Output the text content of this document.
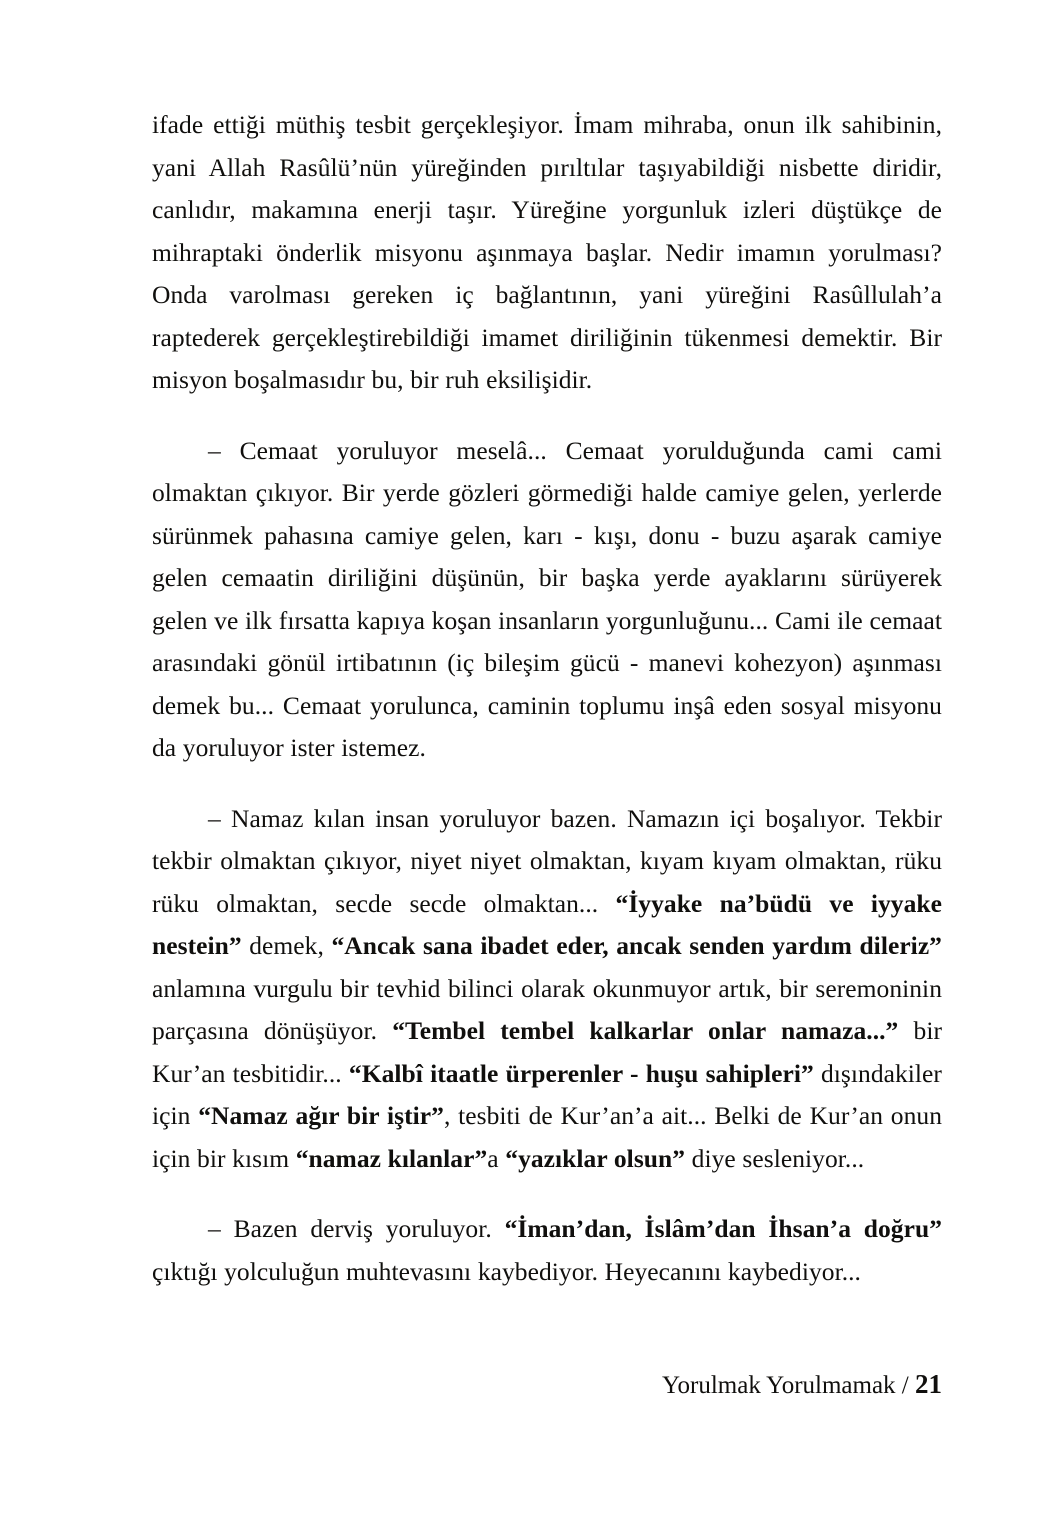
ifade ettiği müthiş tesbit gerçekleşiyor. İmam mihraba, onun ilk sahibinin, yani Allah Rasûlü’nün yüreğinden pırıltılar taşıyabildiği nisbette diridir, canlıdır, makamına enerji taşır. Yüreğine yorgunluk izleri düştükçe de mihraptaki önderlik misyonu aşınmaya başlar. Nedir imamın yorulması? Onda varolması gereken iç bağlantının, yani yüreğini Rasûllulah’a raptederek gerçekleştirebildiği imamet diriliğinin tükenmesi demektir. Bir misyon boşalmasıdır bu, bir ruh eksilişidir.

– Cemaat yoruluyor meselâ... Cemaat yorulduğunda cami cami olmaktan çıkıyor. Bir yerde gözleri görmediği halde camiye gelen, yerlerde sürünmek pahasına camiye gelen, karı - kışı, donu - buzu aşarak camiye gelen cemaatin diriliğini düşünün, bir başka yerde ayaklarını sürüyerek gelen ve ilk fırsatta kapıya koşan insanların yorgunluğunu... Cami ile cemaat arasındaki gönül irtibatının (iç bileşim gücü - manevi kohezyon) aşınması demek bu... Cemaat yorulunca, caminin toplumu inşâ eden sosyal misyonu da yoruluyor ister istemez.

– Namaz kılan insan yoruluyor bazen. Namazın içi boşalıyor. Tekbir tekbir olmaktan çıkıyor, niyet niyet olmaktan, kıyam kıyam olmaktan, rüku rüku olmaktan, secde secde olmaktan... “İyyake na’büdü ve iyyake nestein” demek, “Ancak sana ibadet eder, ancak senden yardım dileriz” anlamına vurgulu bir tevhid bilinci olarak okunmuyor artık, bir seremoninin parçasına dönüşüyor. “Tembel tembel kalkarlar onlar namaza...” bir Kur’an tesbitidir... “Kalbî itaatle ürperenler - huşu sahipleri” dışındakiler için “Namaz ağır bir iştir”, tesbiti de Kur’an’a ait... Belki de Kur’an onun için bir kısım “namaz kılanlar”a “yazıklar olsun” diye sesleniyor...

– Bazen derviş yoruluyor. “İman’dan, İslâm’dan İhsan’a doğru” çıktığı yolculuğun muhtevasını kaybediyor. Heyecanını kaybediyor...

Yorulmak Yorulmamak / 21
